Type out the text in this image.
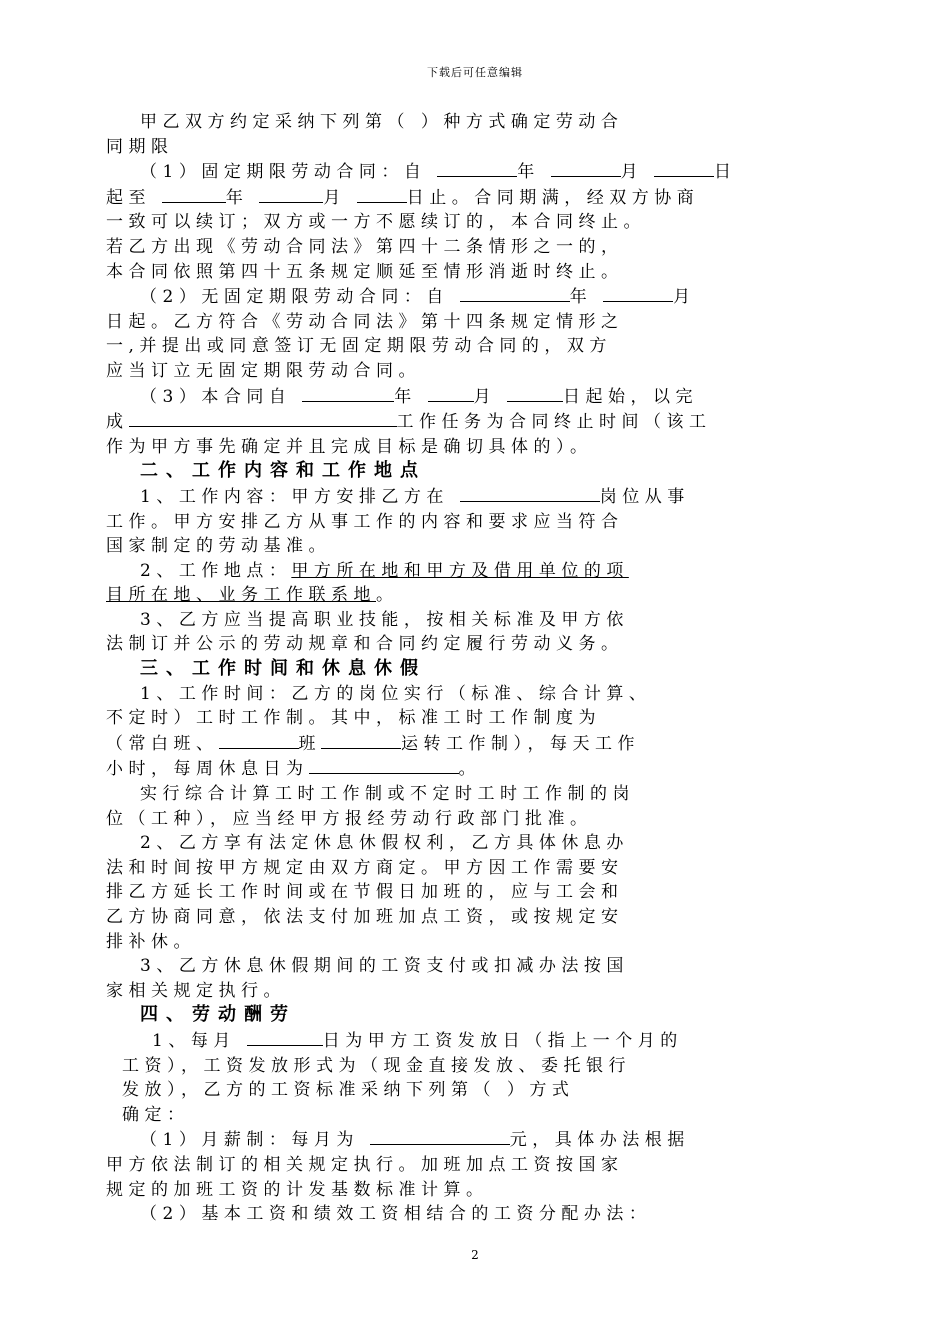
下载后可任意编辑

甲乙双方约定采纳下列第（ ）种方式确定劳动合

同期限

（1）固定期限劳动合同：自	年	月	日

起至	年	月	日止。合同期满，经双方协商

一致可以续订；双方或一方不愿续订的，本合同终止。

若乙方出现《劳动合同法》第四十二条情形之一的，

本合同依照第四十五条规定顺延至情形消逝时终止。

（2）无固定期限劳动合同：自	年	月

日起。乙方符合《劳动合同法》第十四条规定情形之

一,并提出或同意签订无固定期限劳动合同的，双方

应当订立无固定期限劳动合同。

（3）本合同自	年	月	日起始，以完

成	工作任务为合同终止时间（该工

作为甲方事先确定并且完成目标是确切具体的）。

二、工作内容和工作地点

1、工作内容：甲方安排乙方在	岗位从事

工作。甲方安排乙方从事工作的内容和要求应当符合

国家制定的劳动基准。

2、工作地点：甲方所在地和甲方及借用单位的项

目所在地、业务工作联系地。

3、乙方应当提高职业技能，按相关标准及甲方依

法制订并公示的劳动规章和合同约定履行劳动义务。

三、工作时间和休息休假

1、工作时间：乙方的岗位实行（标准、综合计算、

不定时）工时工作制。其中，标准工时工作制度为

（常白班、	班	运转工作制），每天工作

小时，每周休息日为	。

实行综合计算工时工作制或不定时工时工作制的岗

位（工种），应当经甲方报经劳动行政部门批准。

2、乙方享有法定休息休假权利，乙方具体休息办

法和时间按甲方规定由双方商定。甲方因工作需要安

排乙方延长工作时间或在节假日加班的，应与工会和

乙方协商同意，依法支付加班加点工资，或按规定安

排补休。

3、乙方休息休假期间的工资支付或扣减办法按国

家相关规定执行。

四、劳动酬劳

1、每月	日为甲方工资发放日（指上一个月的

工资），工资发放形式为（现金直接发放、委托银行

发放），乙方的工资标准采纳下列第（ ）方式

确定：

（1）月薪制：每月为	元，具体办法根据

甲方依法制订的相关规定执行。加班加点工资按国家

规定的加班工资的计发基数标准计算。

（2）基本工资和绩效工资相结合的工资分配办法：

2
